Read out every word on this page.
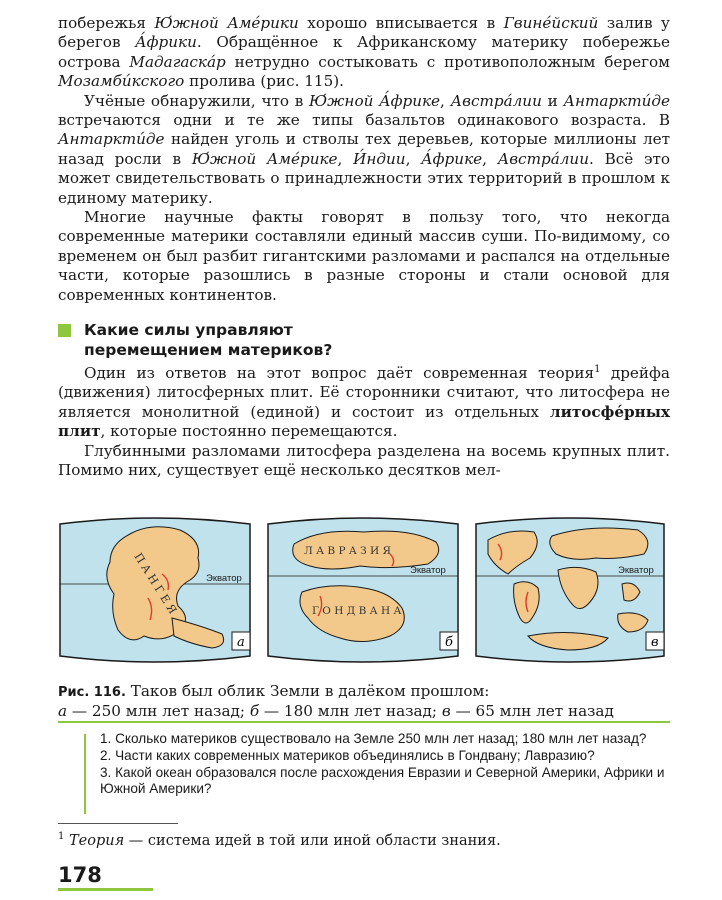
побережья Ю́жной Аме́рики хорошо вписывается в Гвине́йский залив у берегов А́фрики. Обращённое к Африканскому материку побережье острова Мадагаска́р нетрудно состыковать с противоположным берегом Мозамби́кского пролива (рис. 115).

Учёные обнаружили, что в Ю́жной А́фрике, Австра́лии и Антаркти́де встречаются одни и те же типы базальтов одинакового возраста. В Антаркти́де найден уголь и стволы тех деревьев, которые миллионы лет назад росли в Ю́жной Аме́рике, И́ндии, А́фрике, Австра́лии. Всё это может свидетельствовать о принадлежности этих территорий в прошлом к единому материку.

Многие научные факты говорят в пользу того, что некогда современные материки составляли единый массив суши. По-видимому, со временем он был разбит гигантскими разломами и распался на отдельные части, которые разошлись в разные стороны и стали основой для современных континентов.

Какие силы управляют
перемещением материков?

Один из ответов на этот вопрос даёт современная теория$^1$ дрейфа (движения) литосферных плит. Её сторонники считают, что литосфера не является монолитной (единой) и состоит из отдельных литосфе́рных плит, которые постоянно перемещаются.

Глубинными разломами литосфера разделена на восемь крупных плит. Помимо них, существует ещё несколько десятков мел-

П А Н Г Е Я	Экватор
а
Л А В Р А З И Я
Г О Н Д В А Н А
Экватор
б
Экватор
в
Рис. 116. Таков был облик Земли в далёком прошлом:
а — 250 млн лет назад; б — 180 млн лет назад; в — 65 млн лет назад

1. Сколько материков существовало на Земле 250 млн лет назад; 180 млн лет назад?

2. Части каких современных материков объединялись в Гондвану; Лавразию?

3. Какой океан образовался после расхождения Евразии и Северной Америки, Африки и Южной Америки?

$^1$ Теория — система идей в той или иной области знания.
178
